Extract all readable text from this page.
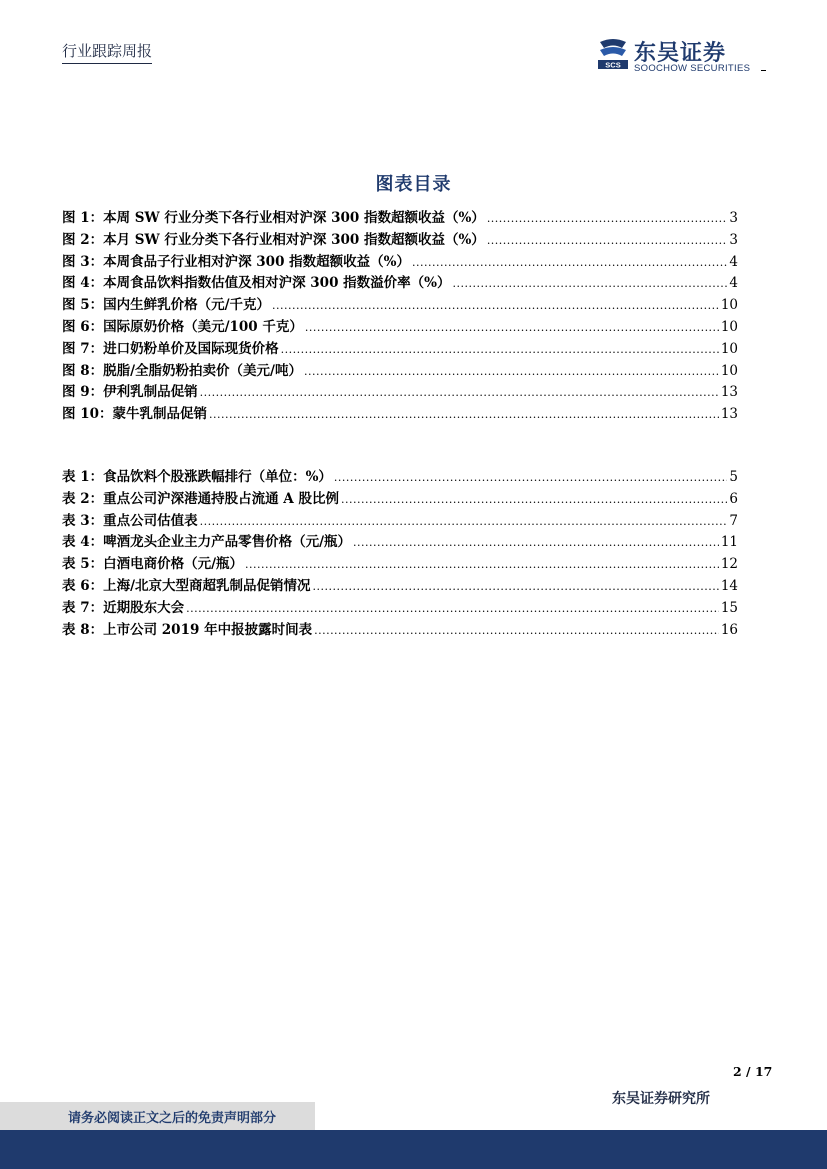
行业跟踪周报
SCS 东吴证券
SOOCHOW SECURITIES
图表目录
图 1：本周 SW 行业分类下各行业相对沪深 300 指数超额收益（%） .....	3
图 2：本月 SW 行业分类下各行业相对沪深 300 指数超额收益（%） .....	3
图 3：本周食品子行业相对沪深 300 指数超额收益（%） .....	4
图 4：本周食品饮料指数估值及相对沪深 300 指数溢价率（%） .....	4
图 5：国内生鲜乳价格（元/千克） .....	10
图 6：国际原奶价格（美元/100 千克） .....	10
图 7：进口奶粉单价及国际现货价格 .....	10
图 8：脱脂/全脂奶粉拍卖价（美元/吨） .....	10
图 9：伊利乳制品促销 .....	13
图 10：蒙牛乳制品促销 .....	13
表 1：食品饮料个股涨跌幅排行（单位：%） .....	5
表 2：重点公司沪深港通持股占流通 A 股比例 .....	6
表 3：重点公司估值表 .....	7
表 4：啤酒龙头企业主力产品零售价格（元/瓶） .....	11
表 5：白酒电商价格（元/瓶） .....	12
表 6：上海/北京大型商超乳制品促销情况 .....	14
表 7：近期股东大会 .....	15
表 8：上市公司 2019 年中报披露时间表 .....	16
2 / 17
东吴证券研究所
请务必阅读正文之后的免责声明部分
